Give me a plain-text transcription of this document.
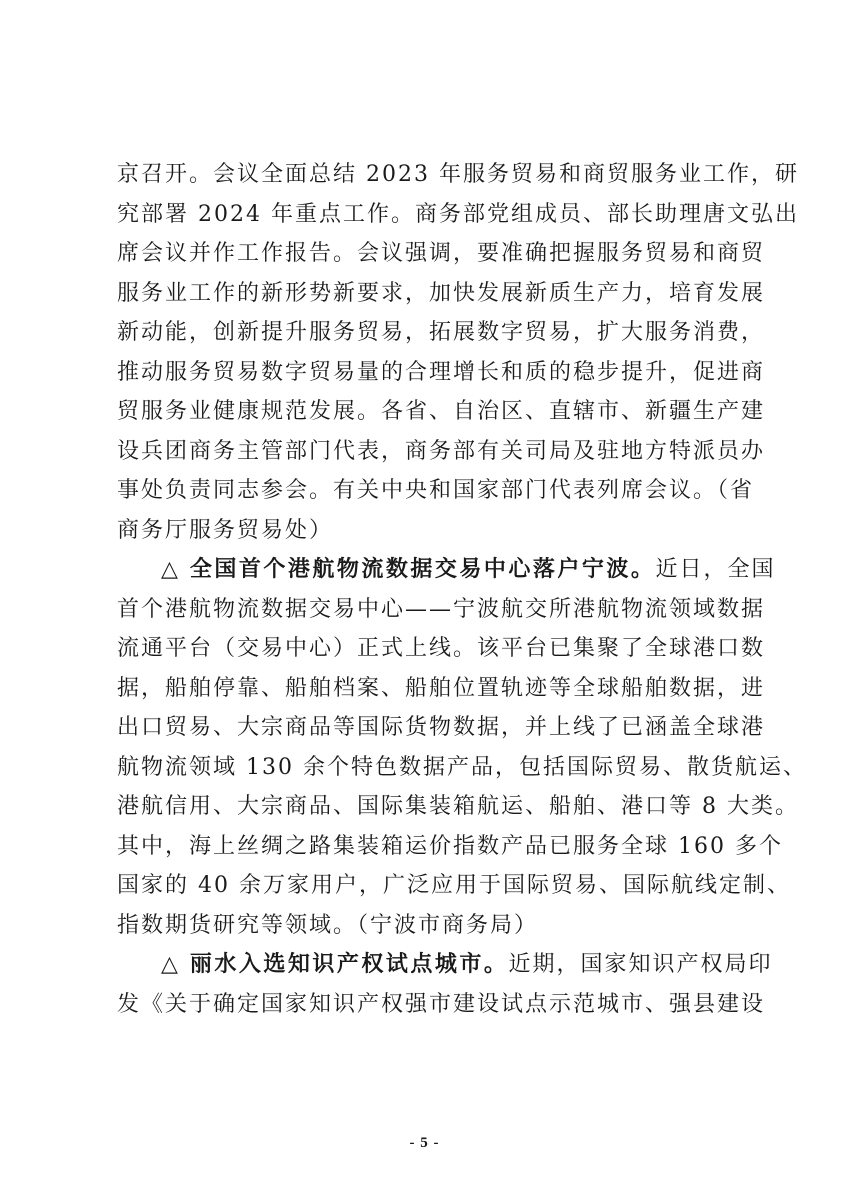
京召开。会议全面总结 2023 年服务贸易和商贸服务业工作，研
究部署 2024 年重点工作。商务部党组成员、部长助理唐文弘出
席会议并作工作报告。会议强调，要准确把握服务贸易和商贸
服务业工作的新形势新要求，加快发展新质生产力，培育发展
新动能，创新提升服务贸易，拓展数字贸易，扩大服务消费，
推动服务贸易数字贸易量的合理增长和质的稳步提升，促进商
贸服务业健康规范发展。各省、自治区、直辖市、新疆生产建
设兵团商务主管部门代表，商务部有关司局及驻地方特派员办
事处负责同志参会。有关中央和国家部门代表列席会议。（省
商务厅服务贸易处）
△ 全国首个港航物流数据交易中心落户宁波。近日，全国
首个港航物流数据交易中心——宁波航交所港航物流领域数据
流通平台（交易中心）正式上线。该平台已集聚了全球港口数
据，船舶停靠、船舶档案、船舶位置轨迹等全球船舶数据，进
出口贸易、大宗商品等国际货物数据，并上线了已涵盖全球港
航物流领域 130 余个特色数据产品，包括国际贸易、散货航运、
港航信用、大宗商品、国际集装箱航运、船舶、港口等 8 大类。
其中，海上丝绸之路集装箱运价指数产品已服务全球 160 多个
国家的 40 余万家用户，广泛应用于国际贸易、国际航线定制、
指数期货研究等领域。（宁波市商务局）
△ 丽水入选知识产权试点城市。近期，国家知识产权局印
发《关于确定国家知识产权强市建设试点示范城市、强县建设
- 5 -
